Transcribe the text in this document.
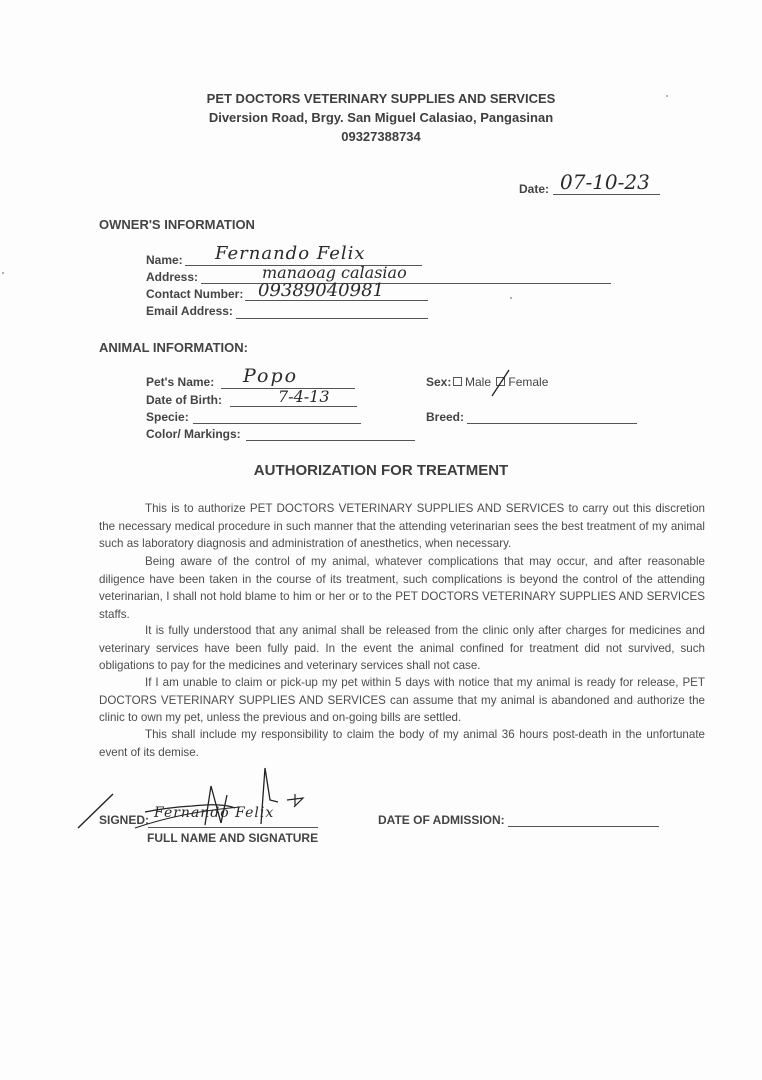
PET DOCTORS VETERINARY SUPPLIES AND SERVICES
Diversion Road, Brgy. San Miguel Calasiao, Pangasinan
09327388734
Date: 07-10-23
OWNER'S INFORMATION
Name: Fernando Felix
Address:	manaoag calasiao
Contact Number: 09389040981
Email Address:
ANIMAL INFORMATION:
Pet's Name: Popo
Date of Birth:	7-4-13
Specie:
Color/ Markings:
Sex:	Male Female
Breed:
AUTHORIZATION FOR TREATMENT

This is to authorize PET DOCTORS VETERINARY SUPPLIES AND SERVICES to carry out this discretion the necessary medical procedure in such manner that the attending veterinarian sees the best treatment of my animal such as laboratory diagnosis and administration of anesthetics, when necessary.

Being aware of the control of my animal, whatever complications that may occur, and after reasonable diligence have been taken in the course of its treatment, such complications is beyond the control of the attending veterinarian, I shall not hold blame to him or her or to the PET DOCTORS VETERINARY SUPPLIES AND SERVICES staffs.

It is fully understood that any animal shall be released from the clinic only after charges for medicines and veterinary services have been fully paid. In the event the animal confined for treatment did not survived, such obligations to pay for the medicines and veterinary services shall not case.

If I am unable to claim or pick-up my pet within 5 days with notice that my animal is ready for release, PET DOCTORS VETERINARY SUPPLIES AND SERVICES can assume that my animal is abandoned and authorize the clinic to own my pet, unless the previous and on-going bills are settled.

This shall include my responsibility to claim the body of my animal 36 hours post-death in the unfortunate event of its demise.

SIGNED:
FULL NAME AND SIGNATURE
Fernando Felix	DATE OF ADMISSION:
